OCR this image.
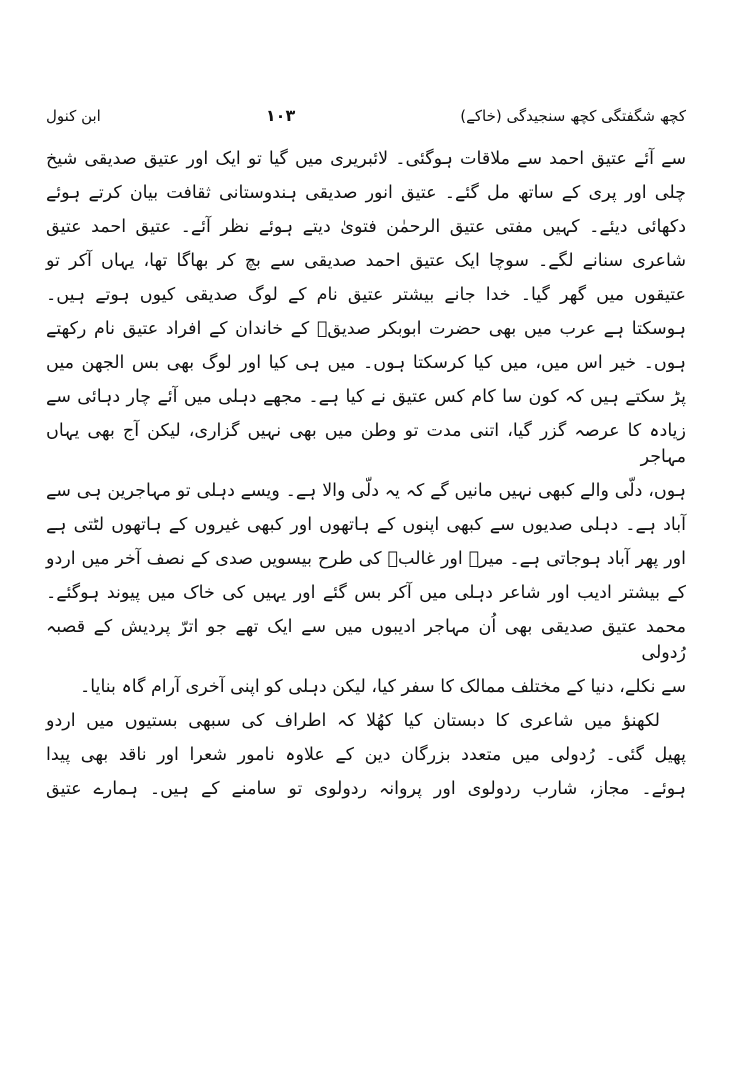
کچھ شگفتگی کچھ سنجیدگی (خاکے)
۱۰۳
ابن کنول
سے آئے عتیق احمد سے ملاقات ہوگئی۔ لائبریری میں گیا تو ایک اور عتیق صدیقی شیخ
چلی اور پری کے ساتھ مل گئے۔ عتیق انور صدیقی ہندوستانی ثقافت بیان کرتے ہوئے
دکھائی دیئے۔ کہیں مفتی عتیق الرحمٰن فتویٰ دیتے ہوئے نظر آئے۔ عتیق احمد عتیق
شاعری سنانے لگے۔ سوچا ایک عتیق احمد صدیقی سے بچ کر بھاگا تھا، یہاں آکر تو
عتیقوں میں گھر گیا۔ خدا جانے بیشتر عتیق نام کے لوگ صدیقی کیوں ہوتے ہیں۔
ہوسکتا ہے عرب میں بھی حضرت ابوبکر صدیقؓ کے خاندان کے افراد عتیق نام رکھتے
ہوں۔ خیر اس میں، میں کیا کرسکتا ہوں۔ میں ہی کیا اور لوگ بھی بس الجھن میں
پڑ سکتے ہیں کہ کون سا کام کس عتیق نے کیا ہے۔ مجھے دہلی میں آئے چار دہائی سے
زیادہ کا عرصہ گزر گیا، اتنی مدت تو وطن میں بھی نہیں گزاری، لیکن آج بھی یہاں مہاجر
ہوں، دلّی والے کبھی نہیں مانیں گے کہ یہ دلّی والا ہے۔ ویسے دہلی تو مہاجرین ہی سے
آباد ہے۔ دہلی صدیوں سے کبھی اپنوں کے ہاتھوں اور کبھی غیروں کے ہاتھوں لٹتی ہے
اور پھر آباد ہوجاتی ہے۔ میرؔ اور غالبؔ کی طرح بیسویں صدی کے نصف آخر میں اردو
کے بیشتر ادیب اور شاعر دہلی میں آکر بس گئے اور یہیں کی خاک میں پیوند ہوگئے۔
محمد عتیق صدیقی بھی اُن مہاجر ادیبوں میں سے ایک تھے جو اترّ پردیش کے قصبہ رُدولی
سے نکلے، دنیا کے مختلف ممالک کا سفر کیا، لیکن دہلی کو اپنی آخری آرام گاہ بنایا۔
لکھنؤ میں شاعری کا دبستان کیا کھُلا کہ اطراف کی سبھی بستیوں میں اردو
پھیل گئی۔ رُدولی میں متعدد بزرگان دین کے علاوہ نامور شعرا اور ناقد بھی پیدا
ہوئے۔ مجاز، شارب ردولوی اور پروانہ ردولوی تو سامنے کے ہیں۔ ہمارے عتیق
